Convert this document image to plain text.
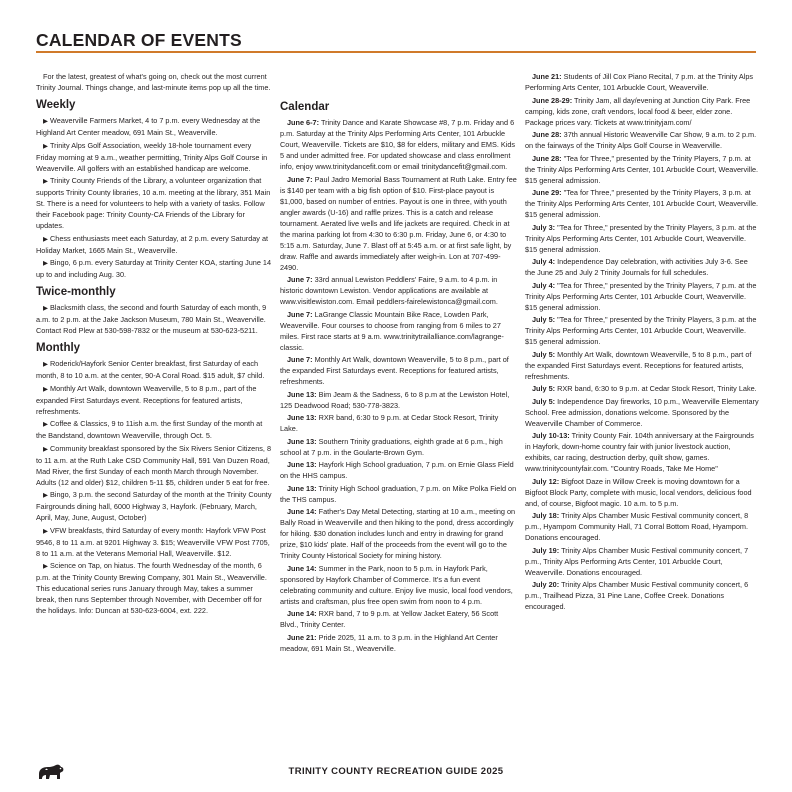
CALENDAR OF EVENTS

For the latest, greatest of what's going on, check out the most current Trinity Journal. Things change, and last-minute items pop up all the time.

Weekly

▶ Weaverville Farmers Market, 4 to 7 p.m. every Wednesday at the Highland Art Center meadow, 691 Main St., Weaverville.

▶ Trinity Alps Golf Association, weekly 18-hole tournament every Friday morning at 9 a.m., weather permitting, Trinity Alps Golf Course in Weaverville. All golfers with an established handicap are welcome.

▶ Trinity County Friends of the Library, a volunteer organization that supports Trinity County libraries, 10 a.m. meeting at the library, 351 Main St. There is a need for volunteers to help with a variety of tasks. Follow their Facebook page: Trinity County-CA Friends of the Library for updates.

▶ Chess enthusiasts meet each Saturday, at 2 p.m. every Saturday at Holiday Market, 1665 Main St., Weaverville.

▶ Bingo, 6 p.m. every Saturday at Trinity Center KOA, starting June 14 up to and including Aug. 30.

Twice-monthly

▶ Blacksmith class, the second and fourth Saturday of each month, 9 a.m. to 2 p.m. at the Jake Jackson Museum, 780 Main St., Weaverville. Contact Rod Plew at 530-598-7832 or the museum at 530-623-5211.

Monthly

▶ Roderick/Hayfork Senior Center breakfast, first Saturday of each month, 8 to 10 a.m. at the center, 90-A Coral Road. $15 adult, $7 child.

▶ Monthly Art Walk, downtown Weaverville, 5 to 8 p.m., part of the expanded First Saturdays event. Receptions for featured artists, refreshments.

▶ Coffee & Classics, 9 to 11ish a.m. the first Sunday of the month at the Bandstand, downtown Weaverville, through Oct. 5.

▶ Community breakfast sponsored by the Six Rivers Senior Citizens, 8 to 11 a.m. at the Ruth Lake CSD Community Hall, 591 Van Duzen Road, Mad River, the first Sunday of each month March through November. Adults (12 and older) $12, children 5-11 $5, children under 5 eat for free.

▶ Bingo, 3 p.m. the second Saturday of the month at the Trinity County Fairgrounds dining hall, 6000 Highway 3, Hayfork. (February, March, April, May, June, August, October)

▶ VFW breakfasts, third Saturday of every month: Hayfork VFW Post 9546, 8 to 11 a.m. at 9201 Highway 3. $15; Weaverville VFW Post 7705, 8 to 11 a.m. at the Veterans Memorial Hall, Weaverville. $12.

▶ Science on Tap, on hiatus. The fourth Wednesday of the month, 6 p.m. at the Trinity County Brewing Company, 301 Main St., Weaverville. This educational series runs January through May, takes a summer break, then runs September through November, with December off for the holidays. Info: Duncan at 530-623-6004, ext. 222.

Calendar

June 6-7: Trinity Dance and Karate Showcase #8, 7 p.m. Friday and 6 p.m. Saturday at the Trinity Alps Performing Arts Center, 101 Arbuckle Court, Weaverville. Tickets are $10, $8 for elders, military and EMS. Kids 5 and under admitted free. For updated showcase and class enrollment info, enjoy www.trinitydancefit.com or email trinitydancefit@gmail.com.

June 7: Paul Jadro Memorial Bass Tournament at Ruth Lake. Entry fee is $140 per team with a big fish option of $10. First-place payout is $1,000, based on number of entries. Payout is one in three, with youth angler awards (U-16) and raffle prizes. This is a catch and release tournament. Aerated live wells and life jackets are required. Check in at the marina parking lot from 4:30 to 6:30 p.m. Friday, June 6, or 4:30 to 5:15 a.m. Saturday, June 7. Blast off at 5:45 a.m. or at first safe light, by draw. Raffle and awards immediately after weigh-in. Lon at 707-499-2490.

June 7: 33rd annual Lewiston Peddlers' Faire, 9 a.m. to 4 p.m. in historic downtown Lewiston. Vendor applications are available at www.visitlewiston.com. Email peddlers-fairelewistonca@gmail.com.

June 7: LaGrange Classic Mountain Bike Race, Lowden Park, Weaverville. Four courses to choose from ranging from 6 miles to 27 miles. First race starts at 9 a.m. www.trinitytrailalliance.com/lagrange-classic.

June 7: Monthly Art Walk, downtown Weaverville, 5 to 8 p.m., part of the expanded First Saturdays event. Receptions for featured artists, refreshments.

June 13: Bim Jeam & the Sadness, 6 to 8 p.m at the Lewiston Hotel, 125 Deadwood Road; 530-778-3823.

June 13: RXR band, 6:30 to 9 p.m. at Cedar Stock Resort, Trinity Lake.

June 13: Southern Trinity graduations, eighth grade at 6 p.m., high school at 7 p.m. in the Goularte-Brown Gym.

June 13: Hayfork High School graduation, 7 p.m. on Ernie Glass Field on the HHS campus.

June 13: Trinity High School graduation, 7 p.m. on Mike Polka Field on the THS campus.

June 14: Father's Day Metal Detecting, starting at 10 a.m., meeting on Bally Road in Weaverville and then hiking to the pond, dress accordingly for hiking. $30 donation includes lunch and entry in drawing for grand prize, $10 kids' plate. Half of the proceeds from the event will go to the Trinity County Historical Society for mining history.

June 14: Summer in the Park, noon to 5 p.m. in Hayfork Park, sponsored by Hayfork Chamber of Commerce. It's a fun event celebrating community and culture. Enjoy live music, local food vendors, artists and craftsman, plus free open swim from noon to 4 p.m.

June 14: RXR band, 7 to 9 p.m. at Yellow Jacket Eatery, 56 Scott Blvd., Trinity Center.

June 21: Pride 2025, 11 a.m. to 3 p.m. in the Highland Art Center meadow, 691 Main St., Weaverville.

June 21: Students of Jill Cox Piano Recital, 7 p.m. at the Trinity Alps Performing Arts Center, 101 Arbuckle Court, Weaverville.

June 28-29: Trinity Jam, all day/evening at Junction City Park. Free camping, kids zone, craft vendors, local food & beer, elder zone. Package prices vary. Tickets at www.trinityjam.com/

June 28: 37th annual Historic Weaverville Car Show, 9 a.m. to 2 p.m. on the fairways of the Trinity Alps Golf Course in Weaverville.

June 28: "Tea for Three," presented by the Trinity Players, 7 p.m. at the Trinity Alps Performing Arts Center, 101 Arbuckle Court, Weaverville. $15 general admission.

June 29: "Tea for Three," presented by the Trinity Players, 3 p.m. at the Trinity Alps Performing Arts Center, 101 Arbuckle Court, Weaverville. $15 general admission.

July 3: "Tea for Three," presented by the Trinity Players, 3 p.m. at the Trinity Alps Performing Arts Center, 101 Arbuckle Court, Weaverville. $15 general admission.

July 4: Independence Day celebration, with activities July 3-6. See the June 25 and July 2 Trinity Journals for full schedules.

July 4: "Tea for Three," presented by the Trinity Players, 7 p.m. at the Trinity Alps Performing Arts Center, 101 Arbuckle Court, Weaverville. $15 general admission.

July 5: "Tea for Three," presented by the Trinity Players, 3 p.m. at the Trinity Alps Performing Arts Center, 101 Arbuckle Court, Weaverville. $15 general admission.

July 5: Monthly Art Walk, downtown Weaverville, 5 to 8 p.m., part of the expanded First Saturdays event. Receptions for featured artists, refreshments.

July 5: RXR band, 6:30 to 9 p.m. at Cedar Stock Resort, Trinity Lake.

July 5: Independence Day fireworks, 10 p.m., Weaverville Elementary School. Free admission, donations welcome. Sponsored by the Weaverville Chamber of Commerce.

July 10-13: Trinity County Fair. 104th anniversary at the Fairgrounds in Hayfork, down-home country fair with junior livestock auction, exhibits, car racing, destruction derby, quilt show, games. www.trinitycountyfair.com. "Country Roads, Take Me Home"

July 12: Bigfoot Daze in Willow Creek is moving downtown for a Bigfoot Block Party, complete with music, local vendors, delicious food and, of course, Bigfoot magic. 10 a.m. to 5 p.m.

July 18: Trinity Alps Chamber Music Festival community concert, 8 p.m., Hyampom Community Hall, 71 Corral Bottom Road, Hyampom. Donations encouraged.

July 19: Trinity Alps Chamber Music Festival community concert, 7 p.m., Trinity Alps Performing Arts Center, 101 Arbuckle Court, Weaverville. Donations encouraged.

July 20: Trinity Alps Chamber Music Festival community concert, 6 p.m., Trailhead Pizza, 31 Pine Lane, Coffee Creek. Donations encouraged.

TRINITY COUNTY RECREATION GUIDE 2025
